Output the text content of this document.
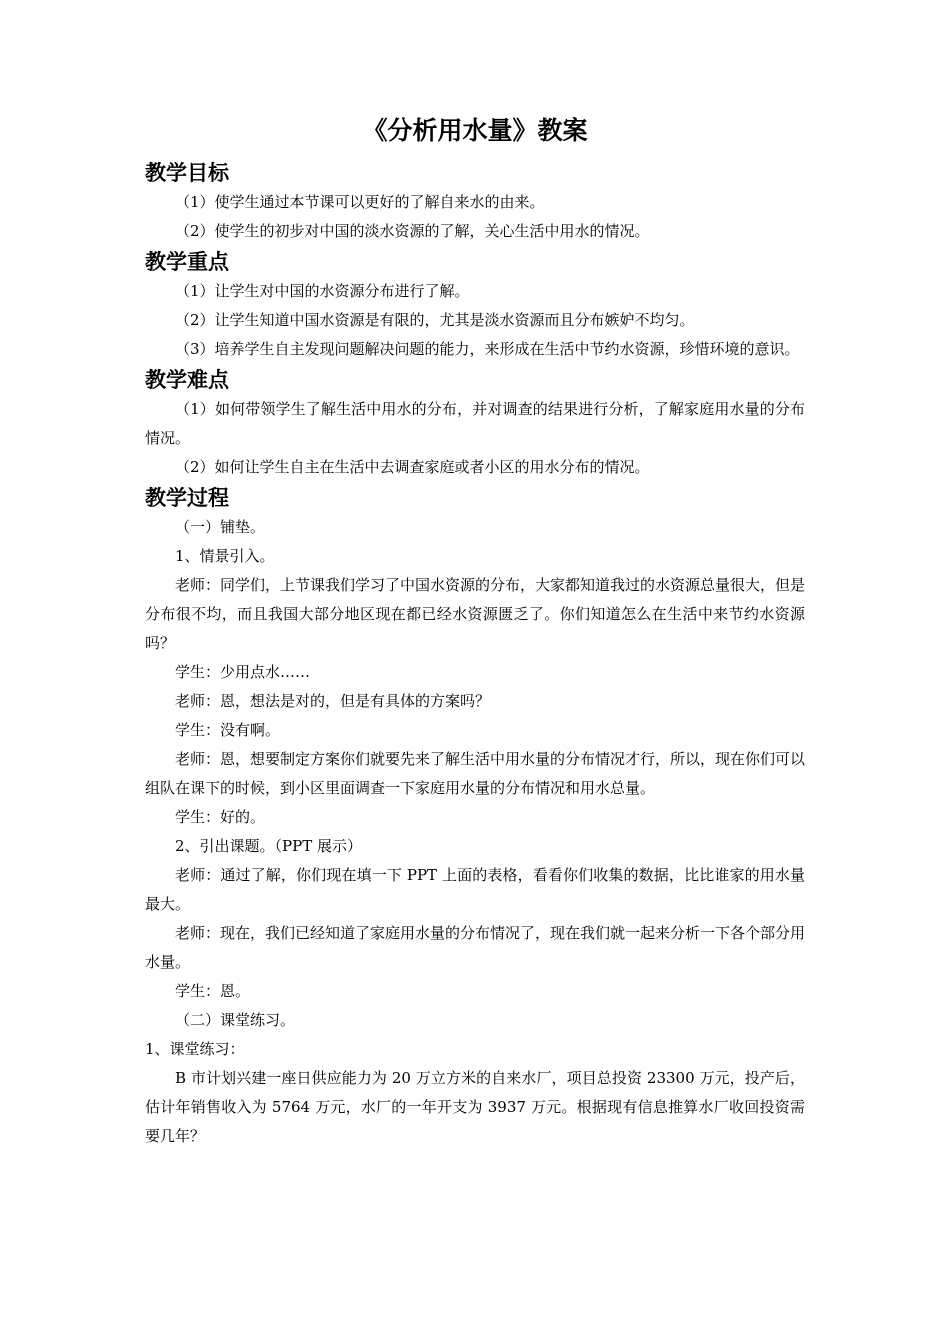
《分析用水量》教案
教学目标

（1）使学生通过本节课可以更好的了解自来水的由来。

（2）使学生的初步对中国的淡水资源的了解，关心生活中用水的情况。

教学重点

（1）让学生对中国的水资源分布进行了解。

（2）让学生知道中国水资源是有限的，尤其是淡水资源而且分布嫉妒不均匀。

（3）培养学生自主发现问题解决问题的能力，来形成在生活中节约水资源，珍惜环境的意识。

教学难点

（1）如何带领学生了解生活中用水的分布，并对调查的结果进行分析，了解家庭用水量的分布情况。

（2）如何让学生自主在生活中去调查家庭或者小区的用水分布的情况。

教学过程

（一）铺垫。

1、情景引入。

老师：同学们，上节课我们学习了中国水资源的分布，大家都知道我过的水资源总量很大，但是分布很不均，而且我国大部分地区现在都已经水资源匮乏了。你们知道怎么在生活中来节约水资源吗？

学生：少用点水……

老师：恩，想法是对的，但是有具体的方案吗？

学生：没有啊。

老师：恩，想要制定方案你们就要先来了解生活中用水量的分布情况才行，所以，现在你们可以组队在课下的时候，到小区里面调查一下家庭用水量的分布情况和用水总量。

学生：好的。

2、引出课题。（PPT 展示）

老师：通过了解，你们现在填一下 PPT 上面的表格，看看你们收集的数据，比比谁家的用水量最大。

老师：现在，我们已经知道了家庭用水量的分布情况了，现在我们就一起来分析一下各个部分用水量。

学生：恩。

（二）课堂练习。

1、课堂练习：

B 市计划兴建一座日供应能力为 20 万立方米的自来水厂，项目总投资 23300 万元，投产后，估计年销售收入为 5764 万元，水厂的一年开支为 3937 万元。根据现有信息推算水厂收回投资需要几年？
